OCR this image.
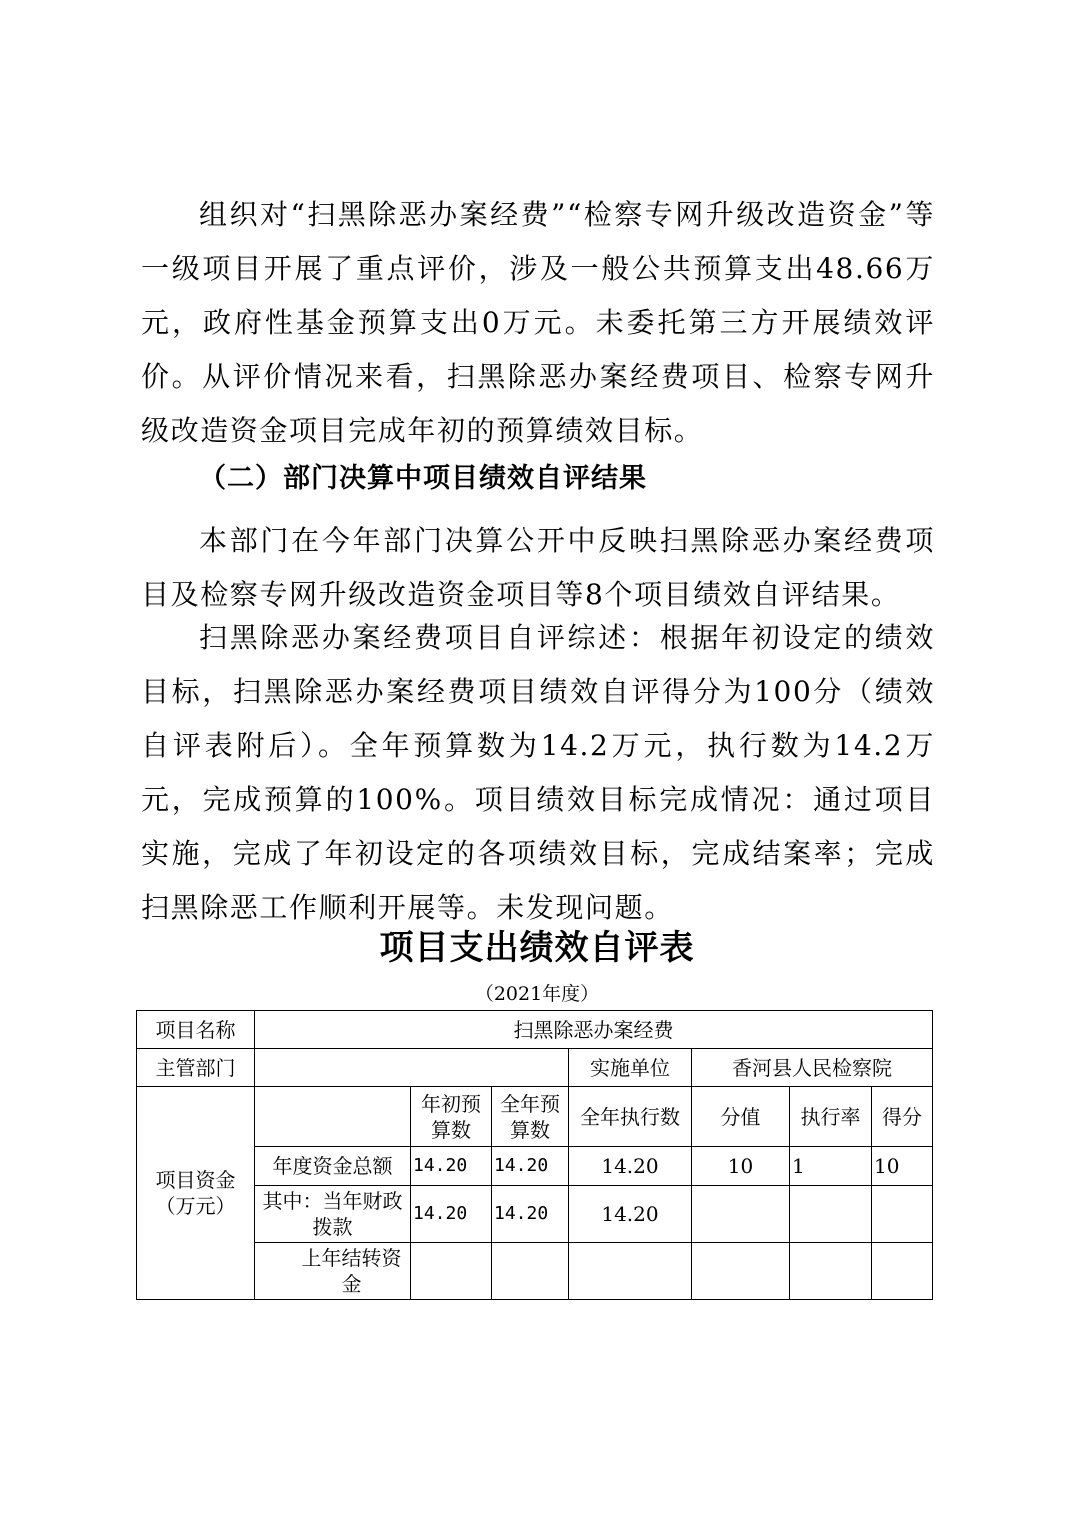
组织对“扫黑除恶办案经费”“检察专网升级改造资金”等一级项目开展了重点评价，涉及一般公共预算支出48.66万元，政府性基金预算支出0万元。未委托第三方开展绩效评价。从评价情况来看，扫黑除恶办案经费项目、检察专网升级改造资金项目完成年初的预算绩效目标。

（二）部门决算中项目绩效自评结果

本部门在今年部门决算公开中反映扫黑除恶办案经费项目及检察专网升级改造资金项目等8个项目绩效自评结果。

扫黑除恶办案经费项目自评综述：根据年初设定的绩效目标，扫黑除恶办案经费项目绩效自评得分为100分（绩效自评表附后）。全年预算数为14.2万元，执行数为14.2万元，完成预算的100%。项目绩效目标完成情况：通过项目实施，完成了年初设定的各项绩效目标，完成结案率；完成扫黑除恶工作顺利开展等。未发现问题。

项目支出绩效自评表
（2021年度）
项目名称	扫黑除恶办案经费						
主管部门				实施单位	香河县人民检察院		
项目资金（万元）		年初预算数	全年预算数	全年执行数	分值	执行率	得分
	年度资金总额	14.20	14.20	14.20	10	1	10
	其中：当年财政拨款	14.20	14.20	14.20			
	上年结转资金						
